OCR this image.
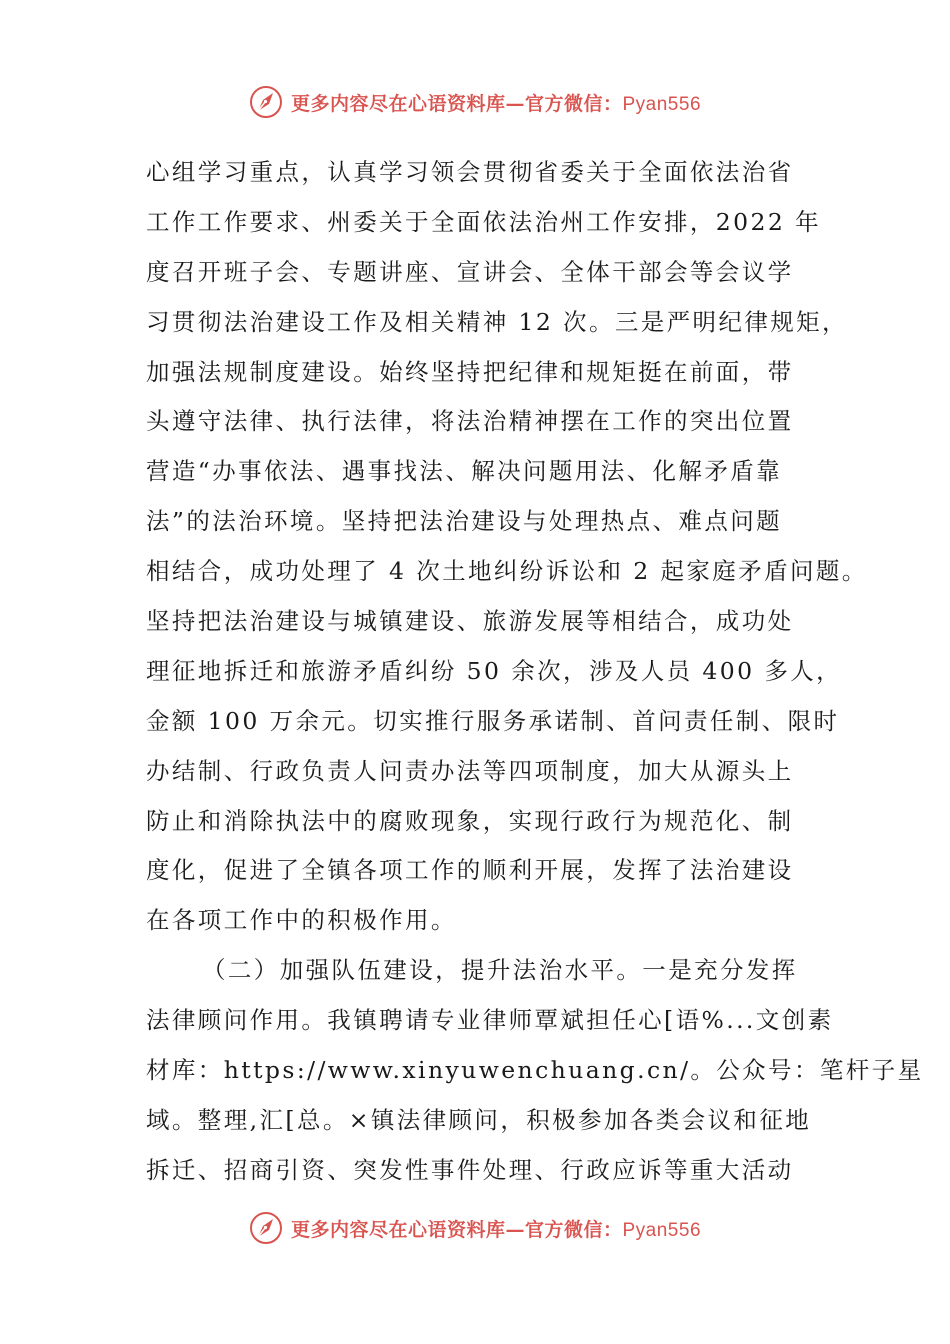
更多内容尽在心语资料库—官方微信：Pyan556
心组学习重点，认真学习领会贯彻省委关于全面依法治省
工作工作要求、州委关于全面依法治州工作安排，2022 年
度召开班子会、专题讲座、宣讲会、全体干部会等会议学
习贯彻法治建设工作及相关精神 12 次。三是严明纪律规矩，
加强法规制度建设。始终坚持把纪律和规矩挺在前面，带
头遵守法律、执行法律，将法治精神摆在工作的突出位置
营造“办事依法、遇事找法、解决问题用法、化解矛盾靠
法”的法治环境。坚持把法治建设与处理热点、难点问题
相结合，成功处理了 4 次土地纠纷诉讼和 2 起家庭矛盾问题。
坚持把法治建设与城镇建设、旅游发展等相结合，成功处
理征地拆迁和旅游矛盾纠纷 50 余次，涉及人员 400 多人，
金额 100 万余元。切实推行服务承诺制、首问责任制、限时
办结制、行政负责人问责办法等四项制度，加大从源头上
防止和消除执法中的腐败现象，实现行政行为规范化、制
度化，促进了全镇各项工作的顺利开展，发挥了法治建设
在各项工作中的积极作用。
（二）加强队伍建设，提升法治水平。一是充分发挥
法律顾问作用。我镇聘请专业律师覃斌担任心[语%...文创素
材库：https://www.xinyuwenchuang.cn/。公众号：笔杆子星
域。整理,汇[总。×镇法律顾问，积极参加各类会议和征地
拆迁、招商引资、突发性事件处理、行政应诉等重大活动
更多内容尽在心语资料库—官方微信：Pyan556
